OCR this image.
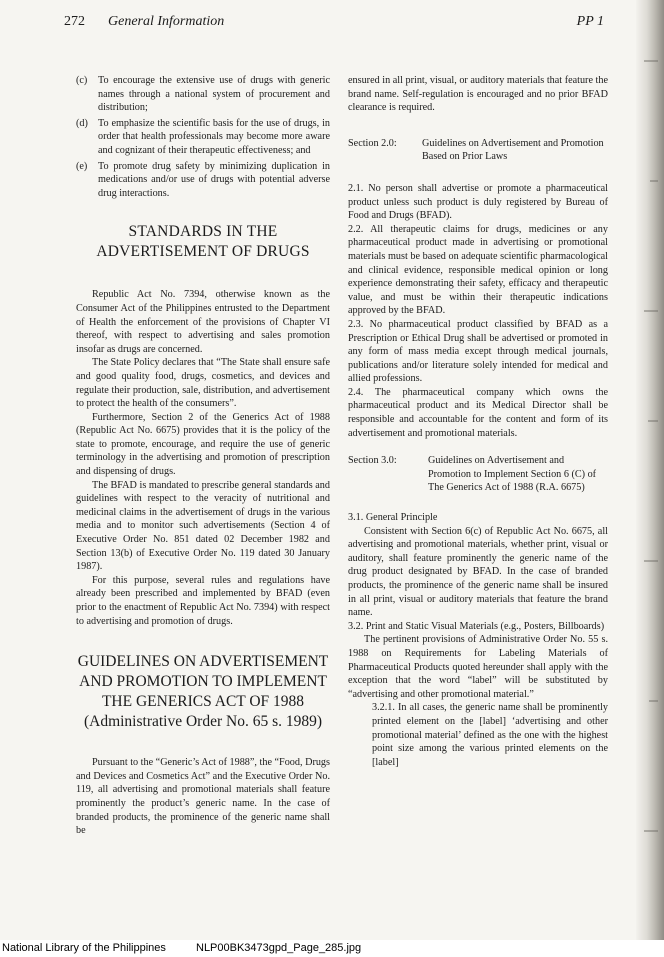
272 General Information	PP 1
(c) To encourage the extensive use of drugs with generic names through a national system of procurement and distribution;
(d) To emphasize the scientific basis for the use of drugs, in order that health professionals may become more aware and cognizant of their therapeutic effectiveness; and
(e) To promote drug safety by minimizing duplication in medications and/or use of drugs with potential adverse drug interactions.
STANDARDS IN THE
ADVERTISEMENT OF DRUGS

Republic Act No. 7394, otherwise known as the Consumer Act of the Philippines entrusted to the Department of Health the enforcement of the provisions of Chapter VI thereof, with respect to advertising and sales promotion insofar as drugs are concerned.

The State Policy declares that “The State shall ensure safe and good quality food, drugs, cosmetics, and devices and regulate their production, sale, distribution, and advertisement to protect the health of the consumers”.

Furthermore, Section 2 of the Generics Act of 1988 (Republic Act No. 6675) provides that it is the policy of the state to promote, encourage, and require the use of generic terminology in the advertising and promotion of prescription and dispensing of drugs.

The BFAD is mandated to prescribe general standards and guidelines with respect to the veracity of nutritional and medicinal claims in the advertisement of drugs in the various media and to monitor such advertisements (Section 4 of Executive Order No. 851 dated 02 December 1982 and Section 13(b) of Executive Order No. 119 dated 30 January 1987).

For this purpose, several rules and regulations have already been prescribed and implemented by BFAD (even prior to the enactment of Republic Act No. 7394) with respect to advertising and promotion of drugs.

GUIDELINES ON ADVERTISEMENT
AND PROMOTION TO IMPLEMENT
THE GENERICS ACT OF 1988
(Administrative Order No. 65 s. 1989)

Pursuant to the “Generic’s Act of 1988”, the “Food, Drugs and Devices and Cosmetics Act” and the Executive Order No. 119, all advertising and promotional materials shall feature prominently the product’s generic name. In the case of branded products, the prominence of the generic name shall be

ensured in all print, visual, or auditory materials that feature the brand name. Self-regulation is encouraged and no prior BFAD clearance is required.

Section 2.0:	Guidelines on Advertisement and Promotion Based on Prior Laws

2.1. No person shall advertise or promote a pharmaceutical product unless such product is duly registered by Bureau of Food and Drugs (BFAD).

2.2. All therapeutic claims for drugs, medicines or any pharmaceutical product made in advertising or promotional materials must be based on adequate scientific pharmacological and clinical evidence, responsible medical opinion or long experience demonstrating their safety, efficacy and therapeutic value, and must be within their therapeutic indications approved by the BFAD.

2.3. No pharmaceutical product classified by BFAD as a Prescription or Ethical Drug shall be advertised or promoted in any form of mass media except through medical journals, publications and/or literature solely intended for medical and allied professions.

2.4. The pharmaceutical company which owns the pharmaceutical product and its Medical Director shall be responsible and accountable for the content and form of its advertisement and promotional materials.

Section 3.0:	Guidelines on Advertisement and Promotion to Implement Section 6 (C) of The Generics Act of 1988 (R.A. 6675)

3.1. General Principle

Consistent with Section 6(c) of Republic Act No. 6675, all advertising and promotional materials, whether print, visual or auditory, shall feature prominently the generic name of the drug product designated by BFAD. In the case of branded products, the prominence of the generic name shall be insured in all print, visual or auditory materials that feature the brand name.

3.2. Print and Static Visual Materials (e.g., Posters, Billboards)

The pertinent provisions of Administrative Order No. 55 s. 1988 on Requirements for Labeling Materials of Pharmaceutical Products quoted hereunder shall apply with the exception that the word “label” will be substituted by “advertising and other promotional material.”

3.2.1. In all cases, the generic name shall be prominently printed element on the [label] ‘advertising and other promotional material’ defined as the one with the highest point size among the various printed elements on the [label]

National Library of the Philippines	NLP00BK3473gpd_Page_285.jpg
